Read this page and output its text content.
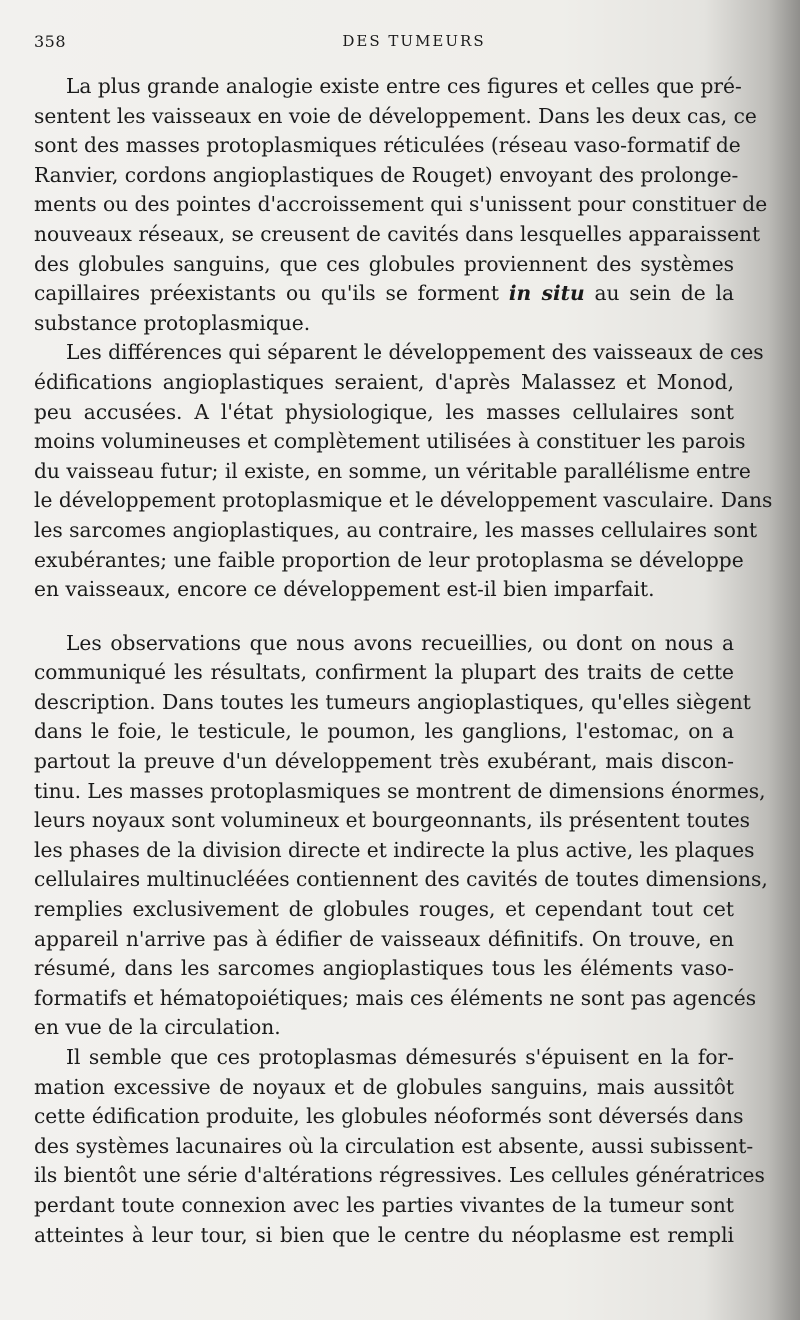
358	DES TUMEURS
La plus grande analogie existe entre ces figures et celles que pré-
sentent les vaisseaux en voie de développement. Dans les deux cas, ce
sont des masses protoplasmiques réticulées (réseau vaso-formatif de
Ranvier, cordons angioplastiques de Rouget) envoyant des prolonge-
ments ou des pointes d'accroissement qui s'unissent pour constituer de
nouveaux réseaux, se creusent de cavités dans lesquelles apparaissent
des globules sanguins, que ces globules proviennent des systèmes
capillaires préexistants ou qu'ils se forment in situ au sein de la
substance protoplasmique.
Les différences qui séparent le développement des vaisseaux de ces
édifications angioplastiques seraient, d'après Malassez et Monod,
peu accusées. A l'état physiologique, les masses cellulaires sont
moins volumineuses et complètement utilisées à constituer les parois
du vaisseau futur; il existe, en somme, un véritable parallélisme entre
le développement protoplasmique et le développement vasculaire. Dans
les sarcomes angioplastiques, au contraire, les masses cellulaires sont
exubérantes; une faible proportion de leur protoplasma se développe
en vaisseaux, encore ce développement est-il bien imparfait.
Les observations que nous avons recueillies, ou dont on nous a
communiqué les résultats, confirment la plupart des traits de cette
description. Dans toutes les tumeurs angioplastiques, qu'elles siègent
dans le foie, le testicule, le poumon, les ganglions, l'estomac, on a
partout la preuve d'un développement très exubérant, mais discon-
tinu. Les masses protoplasmiques se montrent de dimensions énormes,
leurs noyaux sont volumineux et bourgeonnants, ils présentent toutes
les phases de la division directe et indirecte la plus active, les plaques
cellulaires multinucléées contiennent des cavités de toutes dimensions,
remplies exclusivement de globules rouges, et cependant tout cet
appareil n'arrive pas à édifier de vaisseaux définitifs. On trouve, en
résumé, dans les sarcomes angioplastiques tous les éléments vaso-
formatifs et hématopoiétiques; mais ces éléments ne sont pas agencés
en vue de la circulation.
Il semble que ces protoplasmas démesurés s'épuisent en la for-
mation excessive de noyaux et de globules sanguins, mais aussitôt
cette édification produite, les globules néoformés sont déversés dans
des systèmes lacunaires où la circulation est absente, aussi subissent-
ils bientôt une série d'altérations régressives. Les cellules génératrices
perdant toute connexion avec les parties vivantes de la tumeur sont
atteintes à leur tour, si bien que le centre du néoplasme est rempli
